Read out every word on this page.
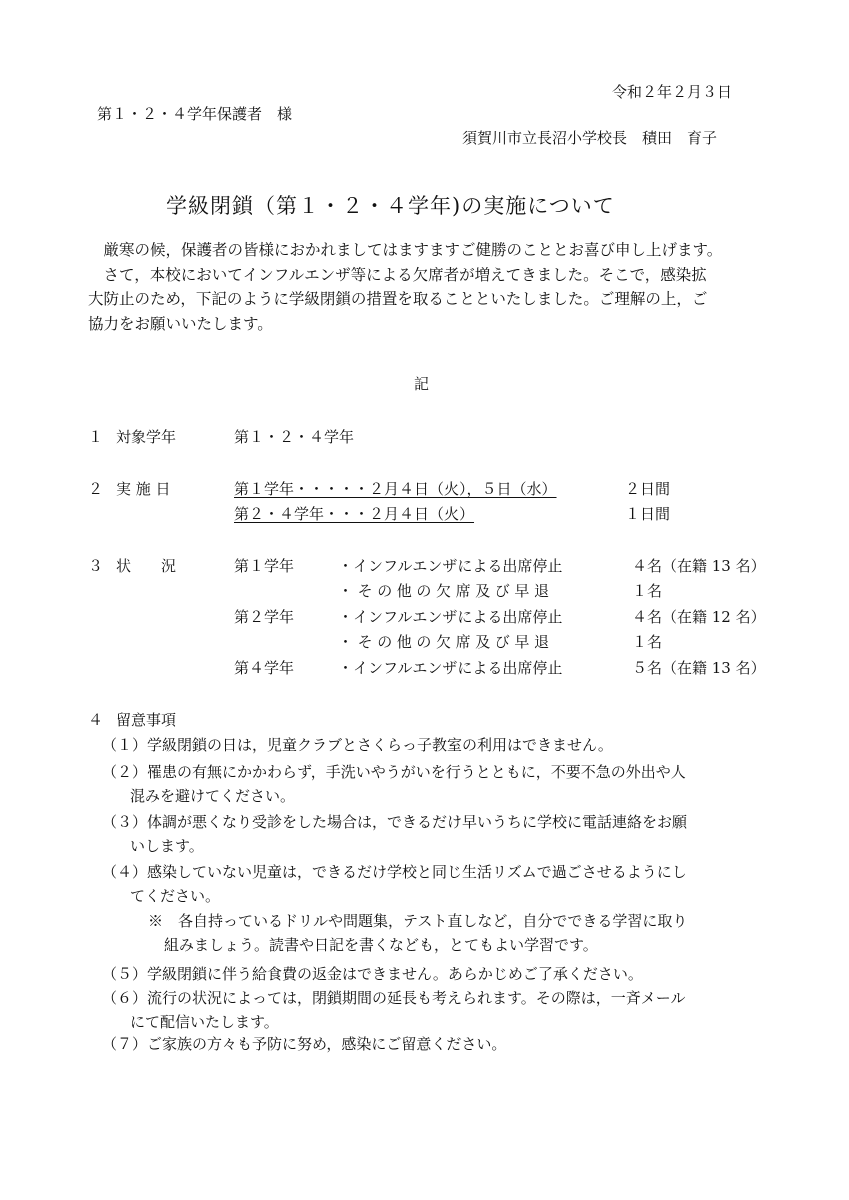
令和２年２月３日
第１・２・４学年保護者　様
須賀川市立長沼小学校長　積田　育子
学級閉鎖（第１・２・４学年)の実施について

厳寒の候，保護者の皆様におかれましてはますますご健勝のこととお喜び申し上げます。

さて，本校においてインフルエンザ等による欠席者が増えてきました。そこで，感染拡

大防止のため，下記のように学級閉鎖の措置を取ることといたしました。ご理解の上，ご

協力をお願いいたします。

記
１ 対象学年	第１・２・４学年
２ 実 施 日	第１学年・・・・・２月４日（火），５日（水）	２日間
第２・４学年・・・２月４日（火）	１日間
３ 状　　況	第１学年	・インフルエンザによる出席停止	４名（在籍 13 名）
・その他の欠席及び早退	１名
第２学年	・インフルエンザによる出席停止	４名（在籍 12 名）
・その他の欠席及び早退	１名
第４学年	・インフルエンザによる出席停止	５名（在籍 13 名）
４ 留意事項
（１）学級閉鎖の日は，児童クラブとさくらっ子教室の利用はできません。
（２）罹患の有無にかかわらず，手洗いやうがいを行うとともに，不要不急の外出や人
混みを避けてください。
（３）体調が悪くなり受診をした場合は，できるだけ早いうちに学校に電話連絡をお願
いします。
（４）感染していない児童は，できるだけ学校と同じ生活リズムで過ごさせるようにし
てください。
※　各自持っているドリルや問題集，テスト直しなど，自分でできる学習に取り
組みましょう。読書や日記を書くなども，とてもよい学習です。
（５）学級閉鎖に伴う給食費の返金はできません。あらかじめご了承ください。
（６）流行の状況によっては，閉鎖期間の延長も考えられます。その際は，一斉メール
にて配信いたします。
（７）ご家族の方々も予防に努め，感染にご留意ください。
